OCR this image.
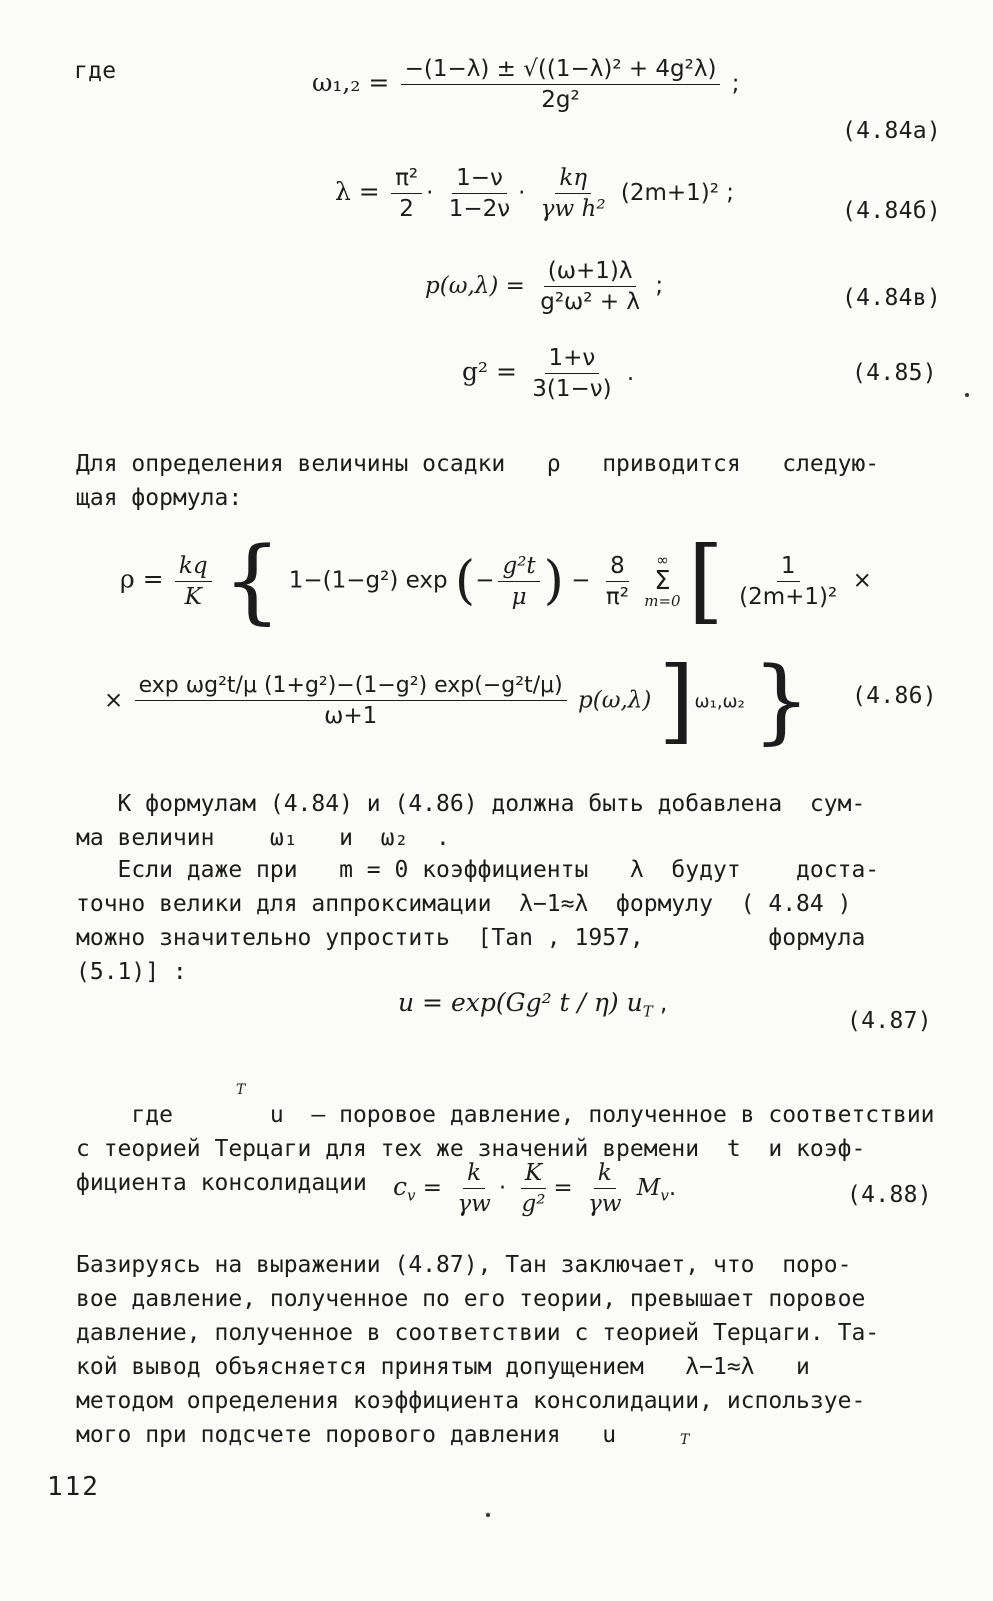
где	$\omega_1,_2 = \frac{\text{−(1−λ) ± √((1−λ)² + 4g²λ)}}{\text{2g²}}$ ;
(4.84а)
$\lambda = \frac{\text{π²}}{2} \cdot \frac{1-\nu}{1-2\nu} \cdot \frac{k\eta}{\text{γw h²}} (2m+1)^2$ ;
(4.84б)
$p(\omega,\lambda) = \frac{(\omega+1)\lambda}{\text{g²ω² + λ}}$ ;	(4.84в)
$g^2 = \frac{1+\nu}{3(1-\nu)}$ .	(4.85)
Для определения величины осадки   ρ   приводится   следую-
щая формула:
$\rho = \frac{kq}{K}$ { 1−(1−g²) exp (− $\frac{\text{g²t}}{\mu}$ ) − $\frac{8}{\text{π²}}$
∞
Σ
m=0 [ $\frac{1}{\text{(2m+1)²}}$ ×
× $\frac{\text{exp ωg²t/μ (1+g²)−(1−g²) exp(−g²t/μ)}}{\omega+1} p(\omega,\lambda)$ ]ω₁,ω₂ } (4.86)
К формулам (4.84) и (4.86) должна быть добавлена  сум-
ма величин    ω₁   и  ω₂  .
Если даже при   m = 0 коэффициенты   λ  будут    доста-
точно велики для аппроксимации  λ−1≈λ  формулу  ( 4.84 )
можно значительно упростить  [Tan , 1957,         формула
(5.1)] :
u = exp(Gg² t / η) $u_T$ ,
(4.87)

где       u  – поровое давление, полученное в соответствии
с теорией Терцаги для тех же значений времени  t  и коэф-
фициента консолидации

T
$c_v = \frac{k}{\gamma w} \cdot \frac{K}{\text{g²}} = \frac{k}{\gamma w} M_v$.	(4.88)
Базируясь на выражении (4.87), Тан заключает, что  поро-
вое давление, полученное по его теории, превышает поровое
давление, полученное в соответствии с теорией Терцаги. Та-
кой вывод объясняется принятым допущением   λ−1≈λ   и
методом определения коэффициента консолидации, используе-
мого при подсчете порового давления   u	T
112
